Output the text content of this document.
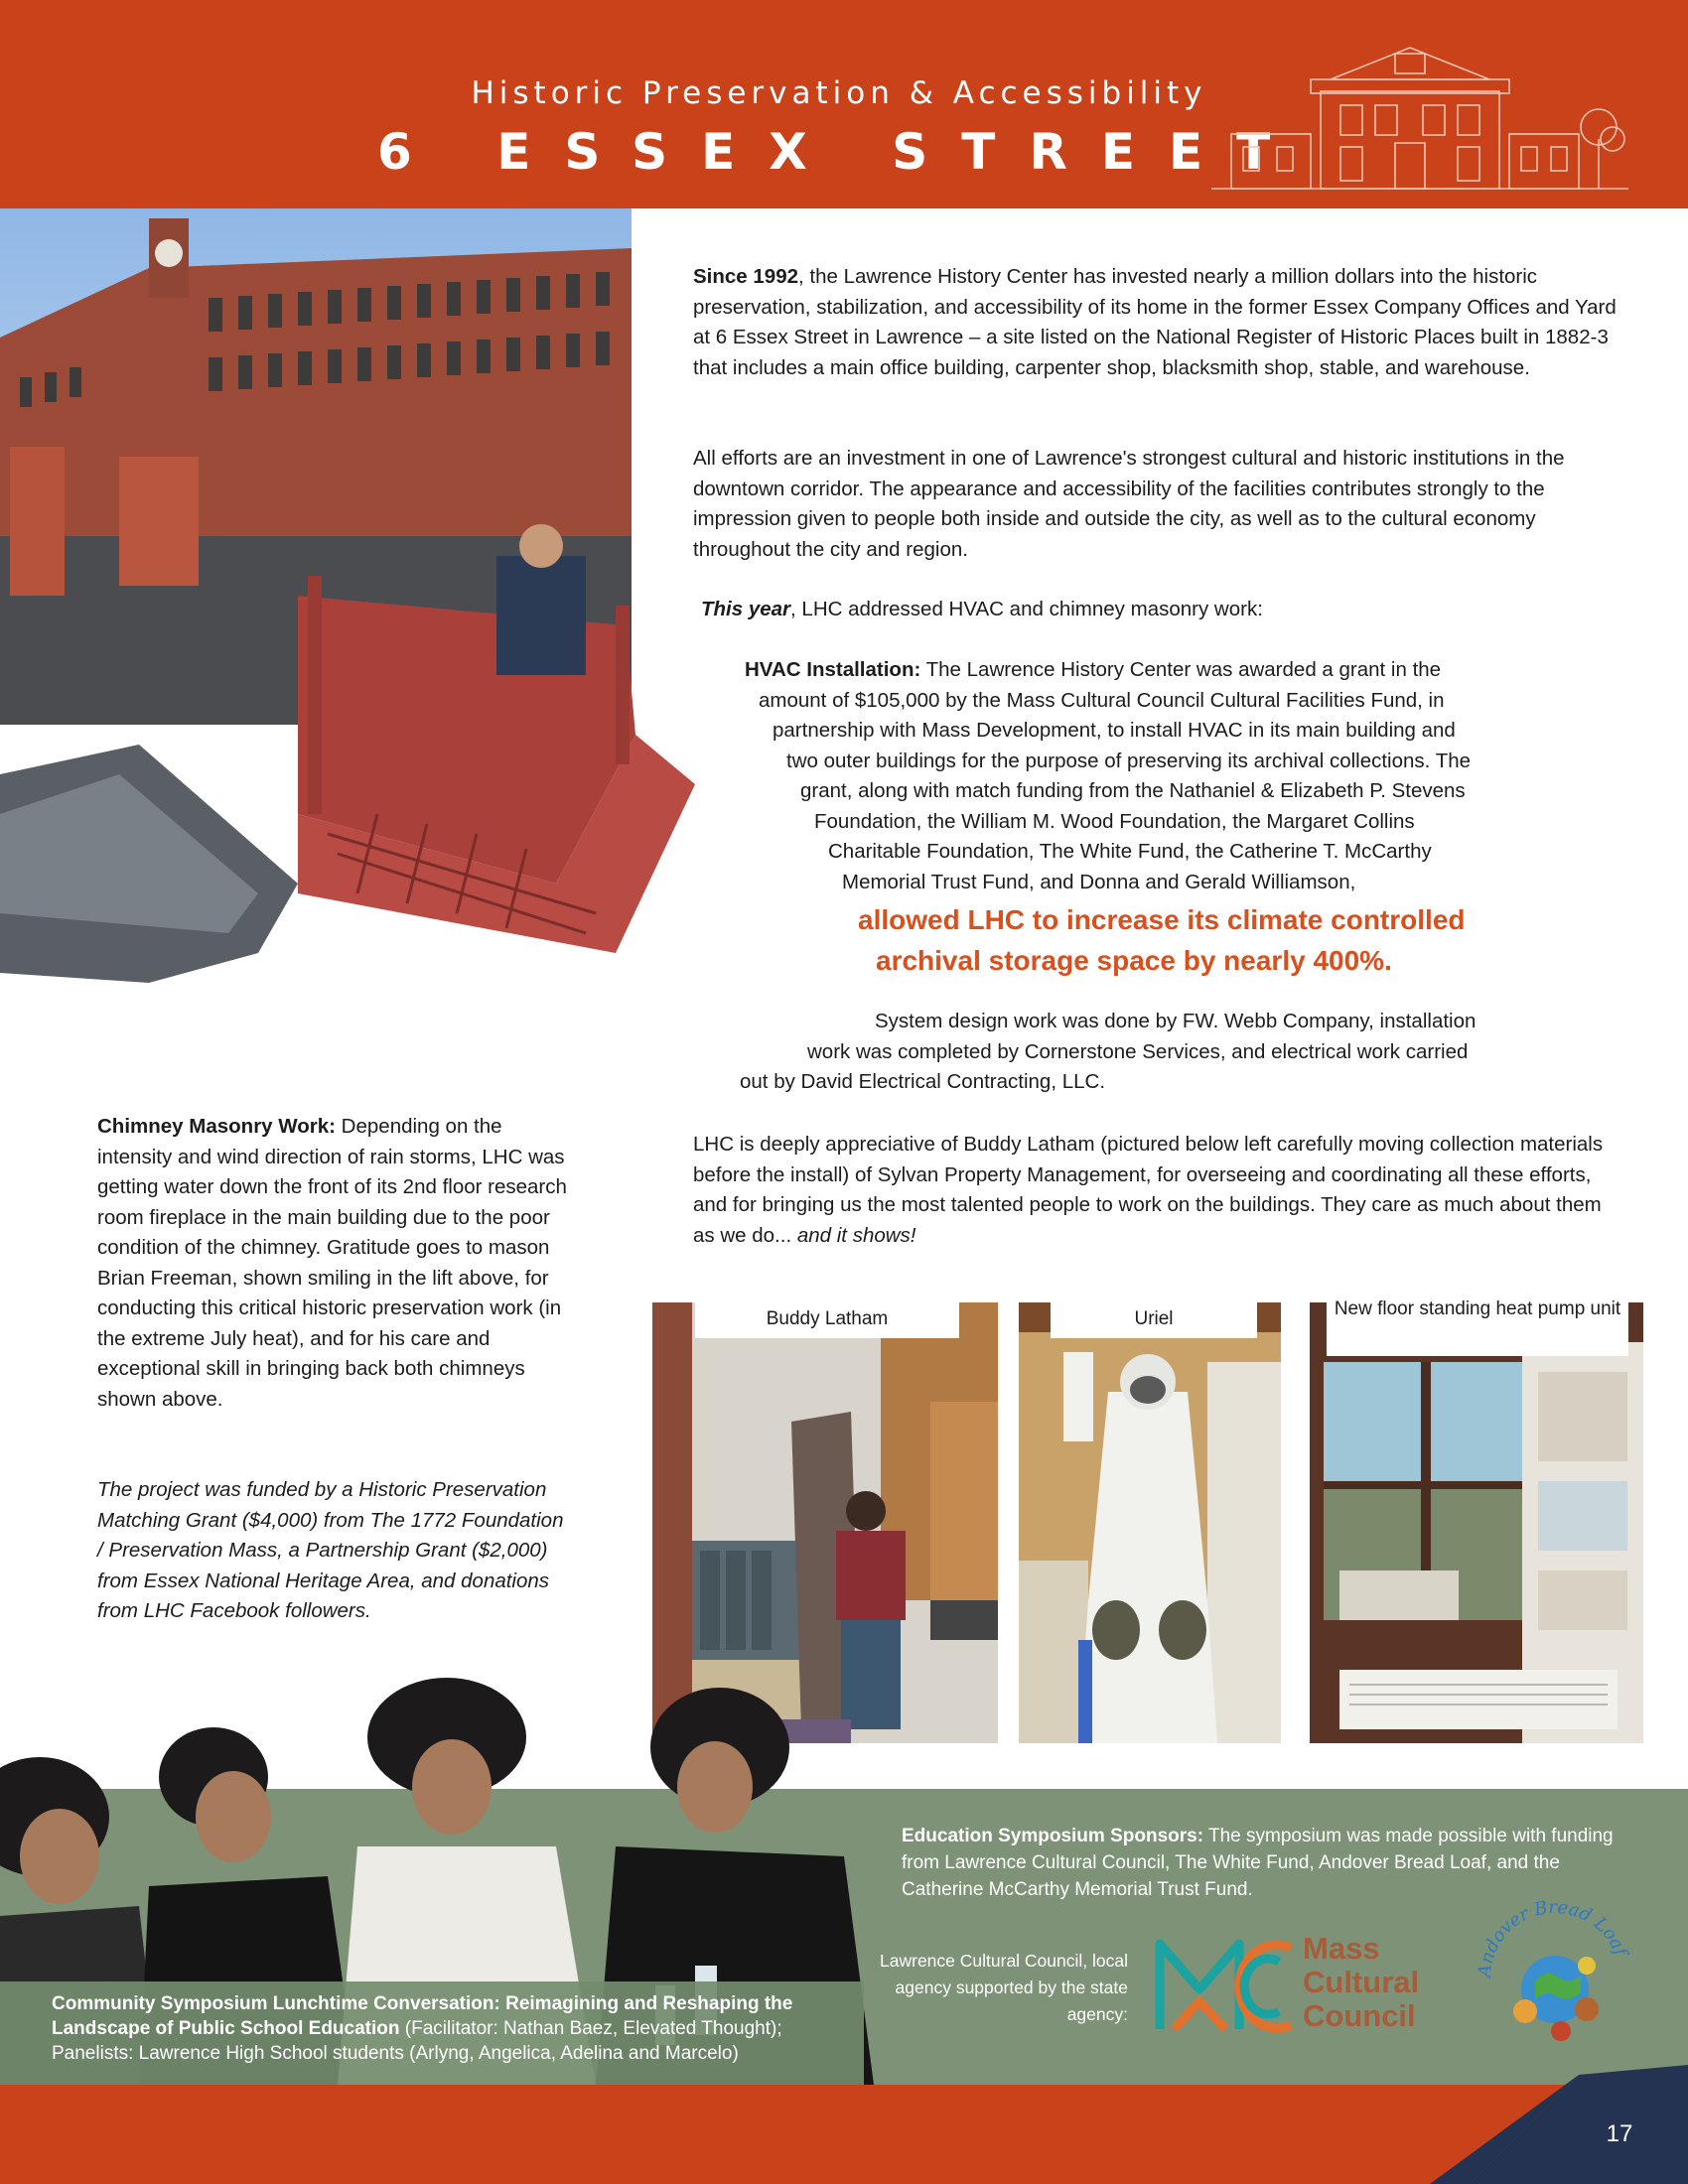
Historic Preservation & Accessibility
6 ESSEX STREET

Since 1992, the Lawrence History Center has invested nearly a million dollars into the historic preservation, stabilization, and accessibility of its home in the former Essex Company Offices and Yard at 6 Essex Street in Lawrence – a site listed on the National Register of Historic Places built in 1882-3 that includes a main office building, carpenter shop, blacksmith shop, stable, and warehouse.

All efforts are an investment in one of Lawrence's strongest cultural and historic institutions in the downtown corridor. The appearance and accessibility of the facilities contributes strongly to the impression given to people both inside and outside the city, as well as to the cultural economy throughout the city and region.

This year, LHC addressed HVAC and chimney masonry work:

HVAC Installation: The Lawrence History Center was awarded a grant in the
amount of $105,000 by the Mass Cultural Council Cultural Facilities Fund, in
partnership with Mass Development, to install HVAC in its main building and
two outer buildings for the purpose of preserving its archival collections. The
grant, along with match funding from the Nathaniel & Elizabeth P. Stevens
Foundation, the William M. Wood Foundation, the Margaret Collins
Charitable Foundation, The White Fund, the Catherine T. McCarthy
Memorial Trust Fund, and Donna and Gerald Williamson,
allowed LHC to increase its climate controlled
archival storage space by nearly 400%.
System design work was done by FW. Webb Company, installation
work was completed by Cornerstone Services, and electrical work carried
out by David Electrical Contracting, LLC.

LHC is deeply appreciative of Buddy Latham (pictured below left carefully moving collection materials before the install) of Sylvan Property Management, for overseeing and coordinating all these efforts, and for bringing us the most talented people to work on the buildings. They care as much about them as we do... and it shows!

Chimney Masonry Work: Depending on the intensity and wind direction of rain storms, LHC was getting water down the front of its 2nd floor research room fireplace in the main building due to the poor condition of the chimney. Gratitude goes to mason Brian Freeman, shown smiling in the lift above, for conducting this critical historic preservation work (in the extreme July heat), and for his care and exceptional skill in bringing back both chimneys shown above.

The project was funded by a Historic Preservation Matching Grant ($4,000) from The 1772 Foundation / Preservation Mass, a Partnership Grant ($2,000) from Essex National Heritage Area, and donations from LHC Facebook followers.

Buddy Latham	Uriel	New floor standing heat pump unit
Community Symposium Lunchtime Conversation: Reimagining and Reshaping the Landscape of Public School Education (Facilitator: Nathan Baez, Elevated Thought); Panelists: Lawrence High School students (Arlyng, Angelica, Adelina and Marcelo)

Education Symposium Sponsors: The symposium was made possible with funding from Lawrence Cultural Council, The White Fund, Andover Bread Loaf, and the Catherine McCarthy Memorial Trust Fund.

Lawrence Cultural Council, local agency supported by the state agency:

Mass
Cultural
Council
Andover Bread Loaf
17
